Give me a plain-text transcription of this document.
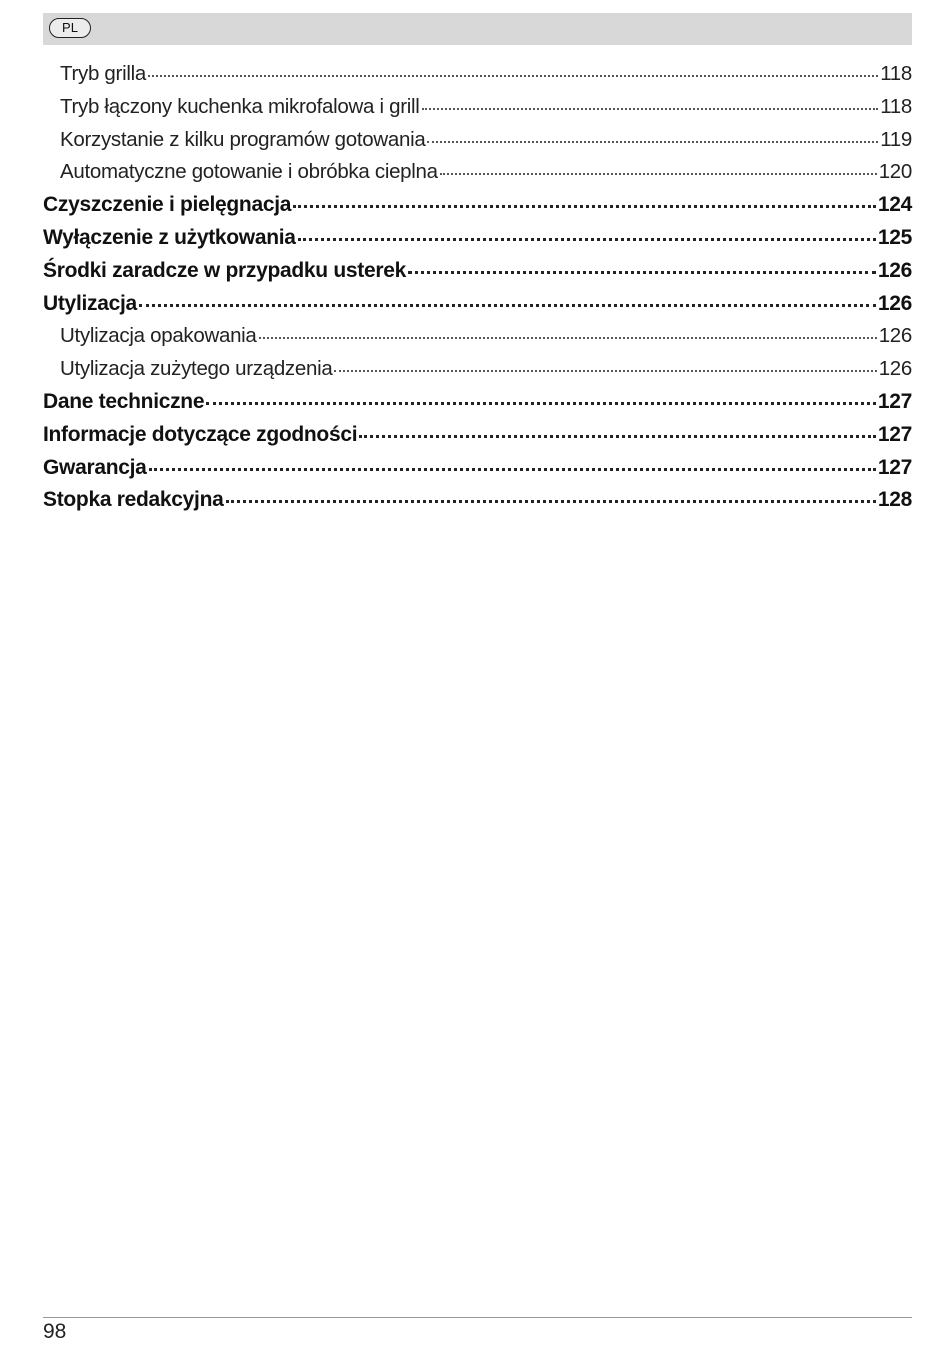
PL
Tryb grilla	118
Tryb łączony kuchenka mikrofalowa i grill	118
Korzystanie z kilku programów gotowania	119
Automatyczne gotowanie i obróbka cieplna	120
Czyszczenie i pielęgnacja	124
Wyłączenie z użytkowania	125
Środki zaradcze w przypadku usterek	126
Utylizacja	126
Utylizacja opakowania	126
Utylizacja zużytego urządzenia	126
Dane techniczne	127
Informacje dotyczące zgodności	127
Gwarancja	127
Stopka redakcyjna	128
98
